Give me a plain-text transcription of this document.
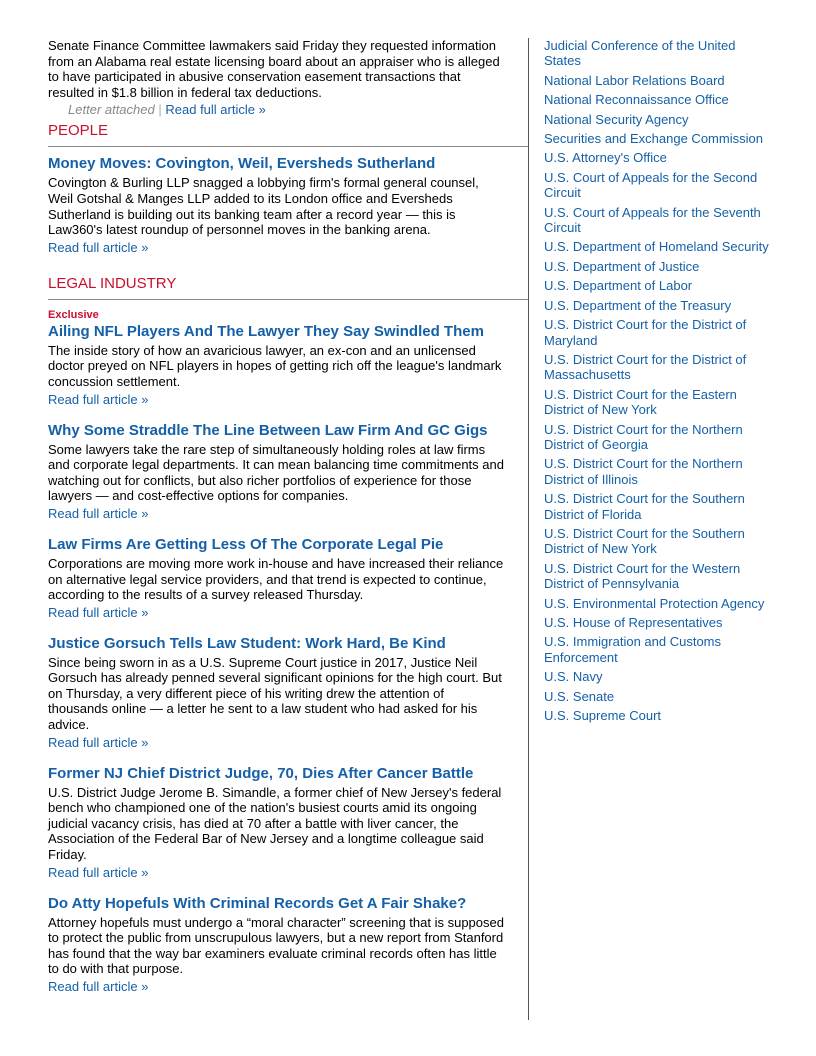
Senate Finance Committee lawmakers said Friday they requested information from an Alabama real estate licensing board about an appraiser who is alleged to have participated in abusive conservation easement transactions that resulted in $1.8 billion in federal tax deductions.

Letter attached | Read full article »
PEOPLE
Money Moves: Covington, Weil, Eversheds Sutherland

Covington & Burling LLP snagged a lobbying firm's formal general counsel, Weil Gotshal & Manges LLP added to its London office and Eversheds Sutherland is building out its banking team after a record year — this is Law360's latest roundup of personnel moves in the banking arena.

Read full article »
LEGAL INDUSTRY
Exclusive
Ailing NFL Players And The Lawyer They Say Swindled Them

The inside story of how an avaricious lawyer, an ex-con and an unlicensed doctor preyed on NFL players in hopes of getting rich off the league's landmark concussion settlement.

Read full article »
Why Some Straddle The Line Between Law Firm And GC Gigs

Some lawyers take the rare step of simultaneously holding roles at law firms and corporate legal departments. It can mean balancing time commitments and watching out for conflicts, but also richer portfolios of experience for those lawyers — and cost-effective options for companies.

Read full article »
Law Firms Are Getting Less Of The Corporate Legal Pie

Corporations are moving more work in-house and have increased their reliance on alternative legal service providers, and that trend is expected to continue, according to the results of a survey released Thursday.

Read full article »
Justice Gorsuch Tells Law Student: Work Hard, Be Kind

Since being sworn in as a U.S. Supreme Court justice in 2017, Justice Neil Gorsuch has already penned several significant opinions for the high court. But on Thursday, a very different piece of his writing drew the attention of thousands online — a letter he sent to a law student who had asked for his advice.

Read full article »
Former NJ Chief District Judge, 70, Dies After Cancer Battle

U.S. District Judge Jerome B. Simandle, a former chief of New Jersey's federal bench who championed one of the nation's busiest courts amid its ongoing judicial vacancy crisis, has died at 70 after a battle with liver cancer, the Association of the Federal Bar of New Jersey and a longtime colleague said Friday.

Read full article »
Do Atty Hopefuls With Criminal Records Get A Fair Shake?

Attorney hopefuls must undergo a “moral character” screening that is supposed to protect the public from unscrupulous lawyers, but a new report from Stanford has found that the way bar examiners evaluate criminal records often has little to do with that purpose.

Read full article »
Judicial Conference of the United States
National Labor Relations Board
National Reconnaissance Office
National Security Agency
Securities and Exchange Commission
U.S. Attorney's Office
U.S. Court of Appeals for the Second Circuit
U.S. Court of Appeals for the Seventh Circuit
U.S. Department of Homeland Security
U.S. Department of Justice
U.S. Department of Labor
U.S. Department of the Treasury
U.S. District Court for the District of Maryland
U.S. District Court for the District of Massachusetts
U.S. District Court for the Eastern District of New York
U.S. District Court for the Northern District of Georgia
U.S. District Court for the Northern District of Illinois
U.S. District Court for the Southern District of Florida
U.S. District Court for the Southern District of New York
U.S. District Court for the Western District of Pennsylvania
U.S. Environmental Protection Agency
U.S. House of Representatives
U.S. Immigration and Customs Enforcement
U.S. Navy
U.S. Senate
U.S. Supreme Court
